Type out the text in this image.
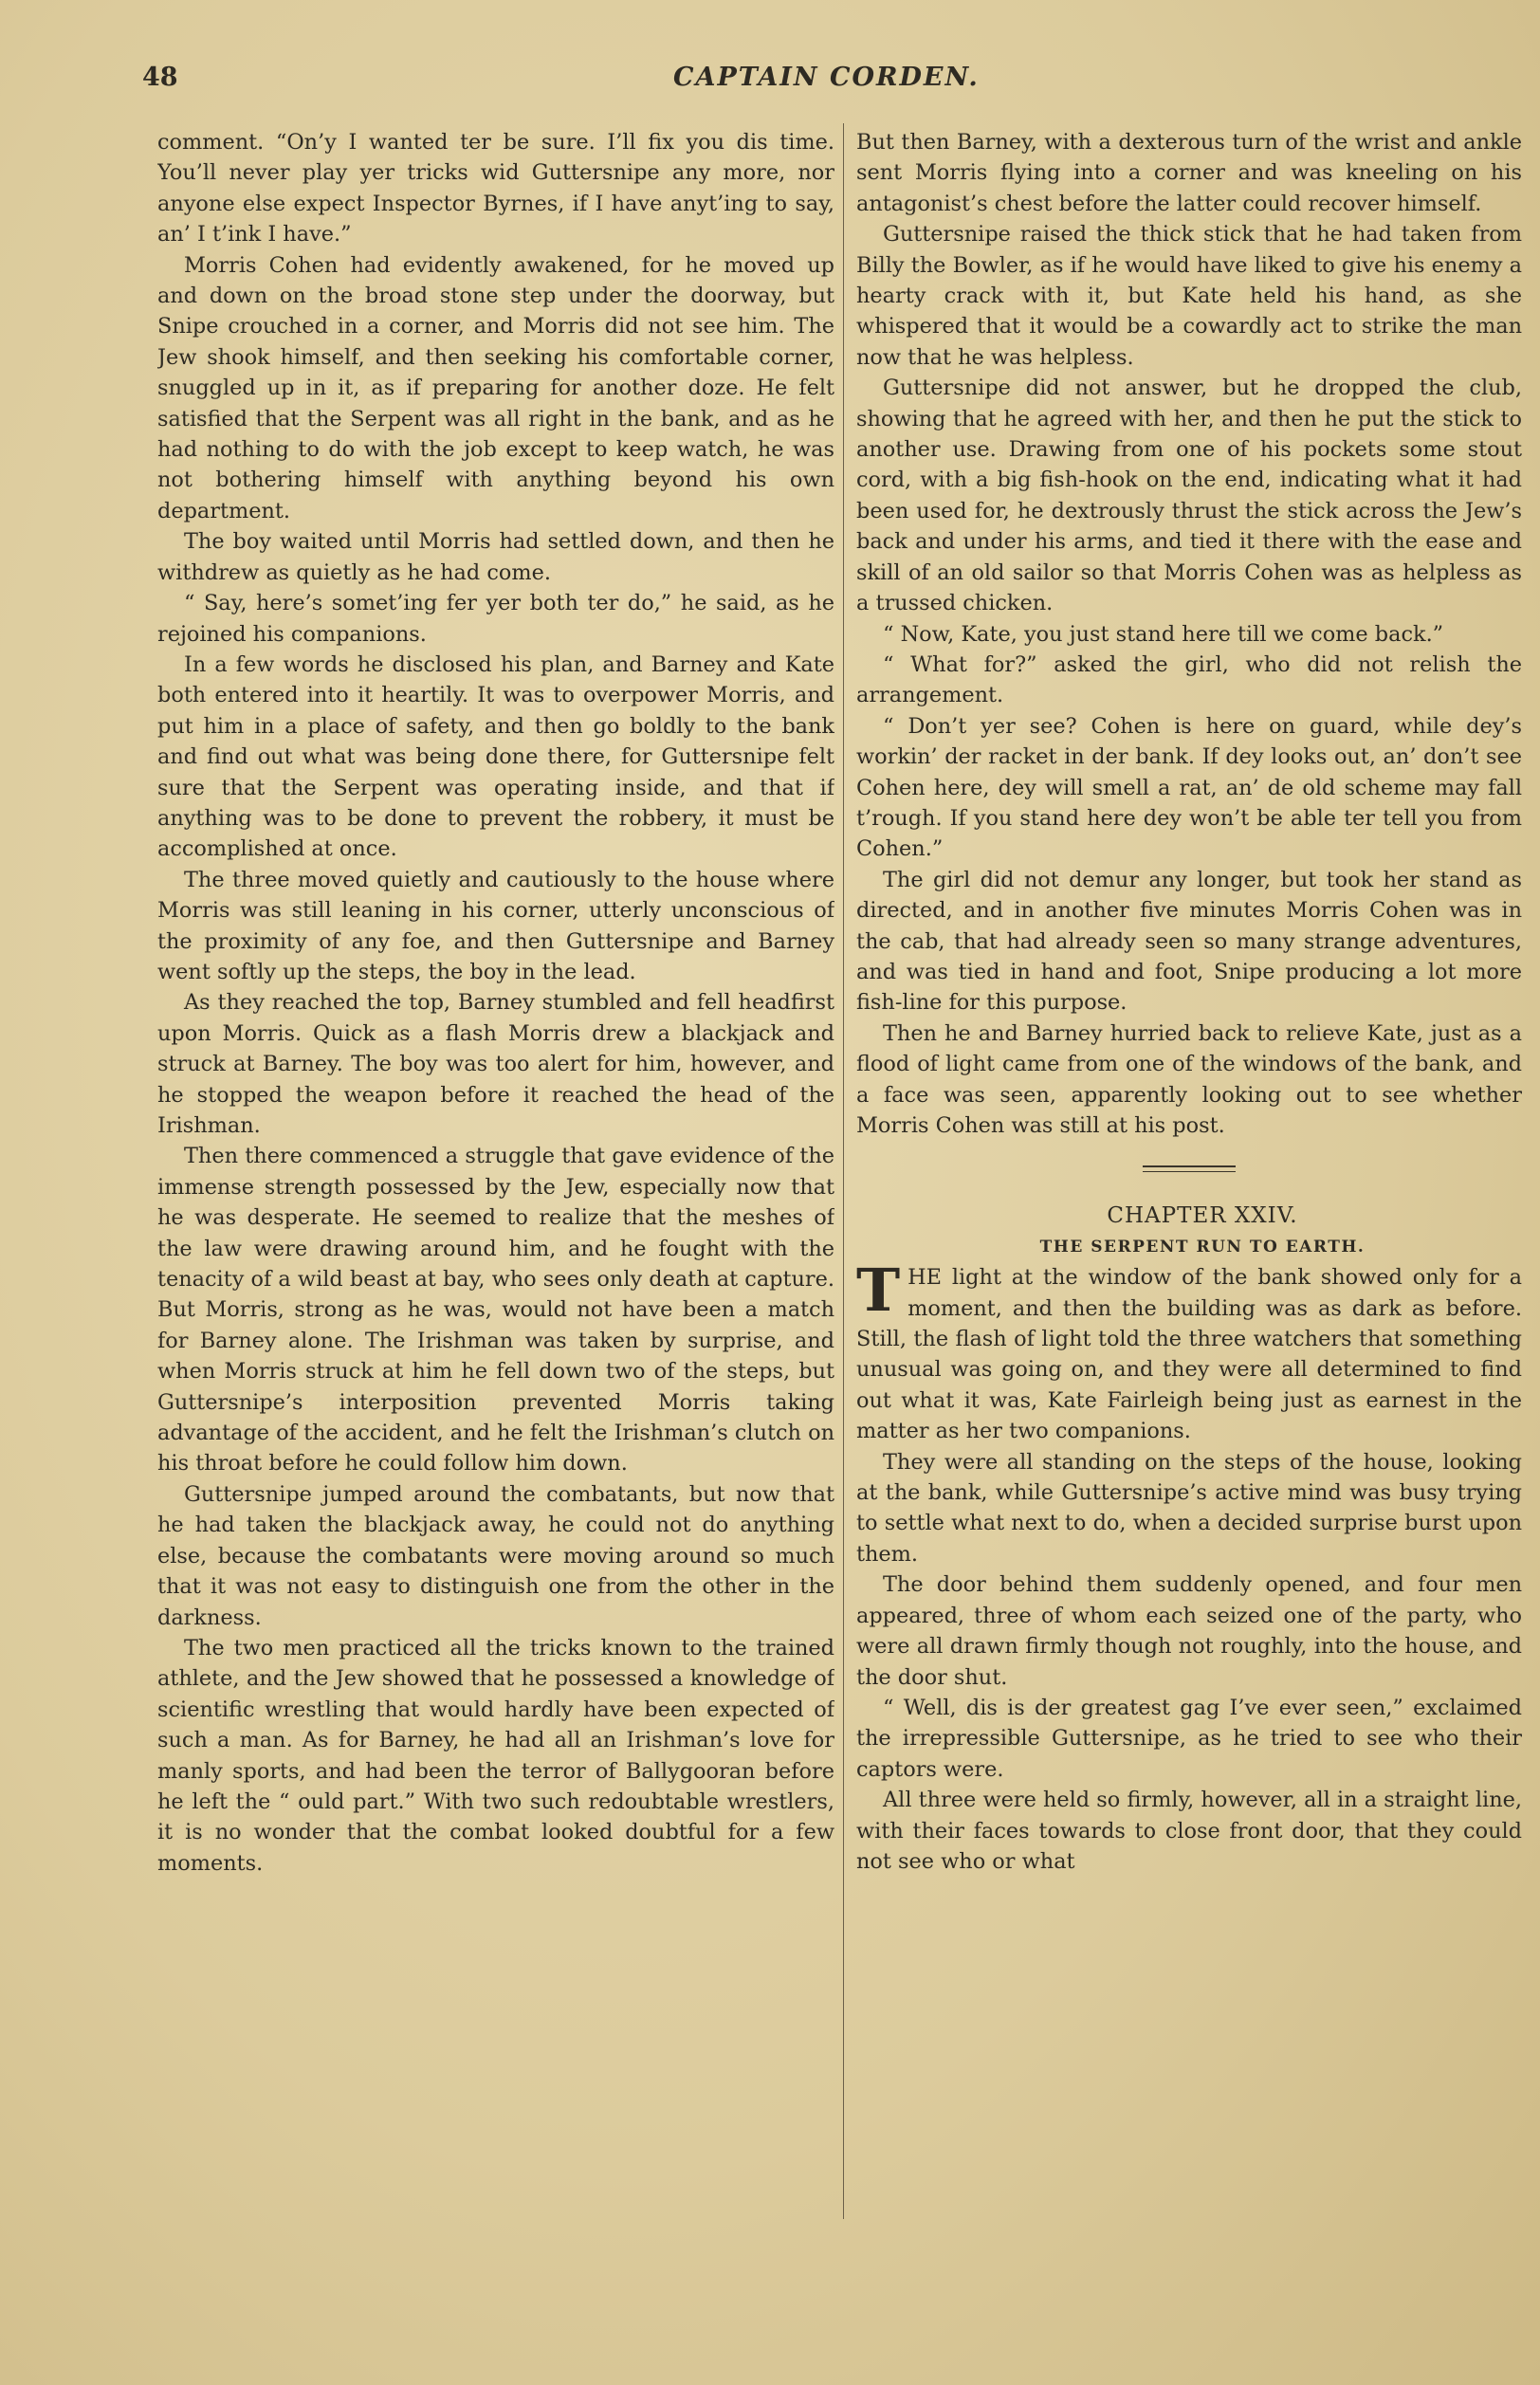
48	CAPTAIN CORDEN.

comment. “On’y I wanted ter be sure. I’ll fix you dis time. You’ll never play yer tricks wid Guttersnipe any more, nor anyone else expect Inspector Byrnes, if I have anyt’ing to say, an’ I t’ink I have.”

Morris Cohen had evidently awakened, for he moved up and down on the broad stone step under the doorway, but Snipe crouched in a corner, and Morris did not see him. The Jew shook himself, and then seeking his comfortable corner, snuggled up in it, as if preparing for another doze. He felt satisfied that the Serpent was all right in the bank, and as he had nothing to do with the job except to keep watch, he was not bothering himself with anything beyond his own department.

The boy waited until Morris had settled down, and then he withdrew as quietly as he had come.

“ Say, here’s somet’ing fer yer both ter do,” he said, as he rejoined his companions.

In a few words he disclosed his plan, and Barney and Kate both entered into it heartily. It was to overpower Morris, and put him in a place of safety, and then go boldly to the bank and find out what was being done there, for Guttersnipe felt sure that the Serpent was operating inside, and that if anything was to be done to prevent the robbery, it must be accomplished at once.

The three moved quietly and cautiously to the house where Morris was still leaning in his corner, utterly unconscious of the proximity of any foe, and then Guttersnipe and Barney went softly up the steps, the boy in the lead.

As they reached the top, Barney stumbled and fell headfirst upon Morris. Quick as a flash Morris drew a blackjack and struck at Barney. The boy was too alert for him, however, and he stopped the weapon before it reached the head of the Irishman.

Then there commenced a struggle that gave evidence of the immense strength possessed by the Jew, especially now that he was desperate. He seemed to realize that the meshes of the law were drawing around him, and he fought with the tenacity of a wild beast at bay, who sees only death at capture. But Morris, strong as he was, would not have been a match for Barney alone. The Irishman was taken by surprise, and when Morris struck at him he fell down two of the steps, but Guttersnipe’s interposition prevented Morris taking advantage of the accident, and he felt the Irishman’s clutch on his throat before he could follow him down.

Guttersnipe jumped around the combatants, but now that he had taken the blackjack away, he could not do anything else, because the combatants were moving around so much that it was not easy to distinguish one from the other in the darkness.

The two men practiced all the tricks known to the trained athlete, and the Jew showed that he possessed a knowledge of scientific wrestling that would hardly have been expected of such a man. As for Barney, he had all an Irishman’s love for manly sports, and had been the terror of Ballygooran before he left the “ ould part.” With two such redoubtable wrestlers, it is no wonder that the combat looked doubtful for a few moments.

But then Barney, with a dexterous turn of the wrist and ankle sent Morris flying into a corner and was kneeling on his antagonist’s chest before the latter could recover himself.

Guttersnipe raised the thick stick that he had taken from Billy the Bowler, as if he would have liked to give his enemy a hearty crack with it, but Kate held his hand, as she whispered that it would be a cowardly act to strike the man now that he was helpless.

Guttersnipe did not answer, but he dropped the club, showing that he agreed with her, and then he put the stick to another use. Drawing from one of his pockets some stout cord, with a big fish-hook on the end, indicating what it had been used for, he dextrously thrust the stick across the Jew’s back and under his arms, and tied it there with the ease and skill of an old sailor so that Morris Cohen was as helpless as a trussed chicken.

“ Now, Kate, you just stand here till we come back.”

“ What for?” asked the girl, who did not relish the arrangement.

“ Don’t yer see? Cohen is here on guard, while dey’s workin’ der racket in der bank. If dey looks out, an’ don’t see Cohen here, dey will smell a rat, an’ de old scheme may fall t’rough. If you stand here dey won’t be able ter tell you from Cohen.”

The girl did not demur any longer, but took her stand as directed, and in another five minutes Morris Cohen was in the cab, that had already seen so many strange adventures, and was tied in hand and foot, Snipe producing a lot more fish-line for this purpose.

Then he and Barney hurried back to relieve Kate, just as a flood of light came from one of the windows of the bank, and a face was seen, apparently looking out to see whether Morris Cohen was still at his post.

CHAPTER XXIV.

THE SERPENT RUN TO EARTH.

THE light at the window of the bank showed only for a moment, and then the building was as dark as before. Still, the flash of light told the three watchers that something unusual was going on, and they were all determined to find out what it was, Kate Fairleigh being just as earnest in the matter as her two companions.

They were all standing on the steps of the house, looking at the bank, while Guttersnipe’s active mind was busy trying to settle what next to do, when a decided surprise burst upon them.

The door behind them suddenly opened, and four men appeared, three of whom each seized one of the party, who were all drawn firmly though not roughly, into the house, and the door shut.

“ Well, dis is der greatest gag I’ve ever seen,” exclaimed the irrepressible Guttersnipe, as he tried to see who their captors were.

All three were held so firmly, however, all in a straight line, with their faces towards to close front door, that they could not see who or what
